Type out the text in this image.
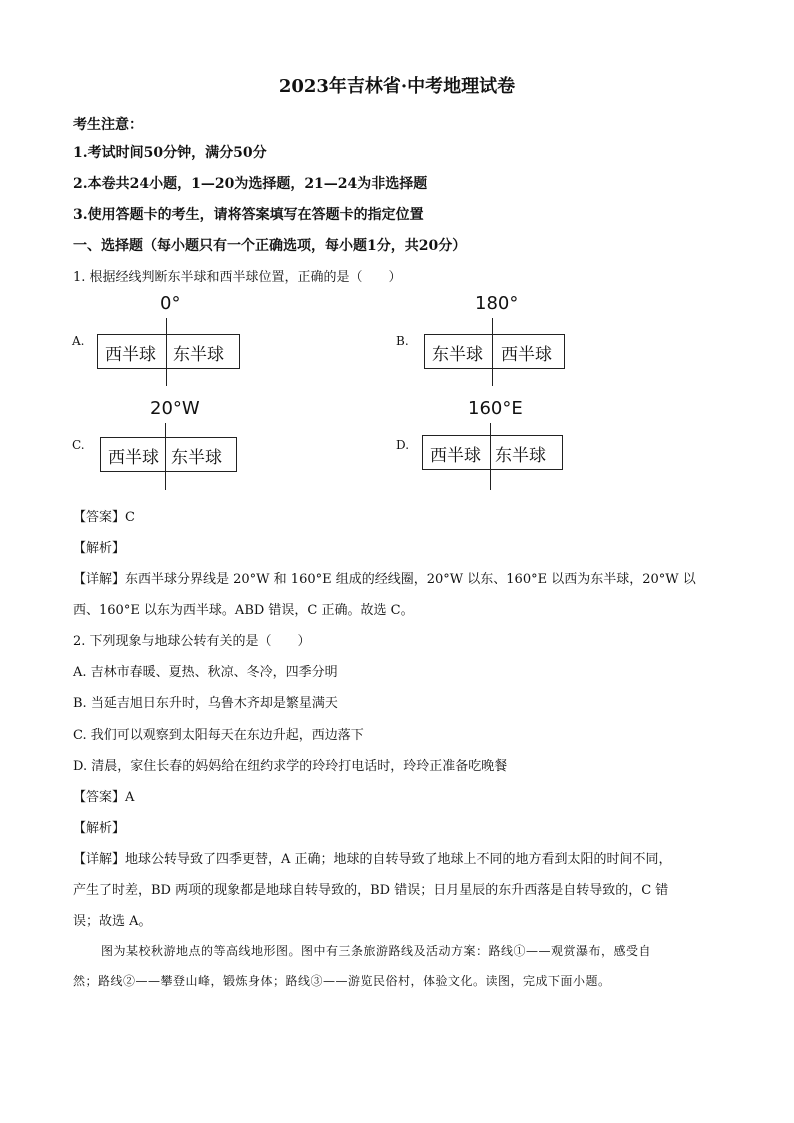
2023年吉林省·中考地理试卷
考生注意：
1.考试时间50分钟，满分50分
2.本卷共24小题，1—20为选择题，21—24为非选择题
3.使用答题卡的考生，请将答案填写在答题卡的指定位置
一、选择题（每小题只有一个正确选项，每小题1分，共20分）
1. 根据经线判断东半球和西半球位置，正确的是（　　）
A.
0°
西半球 东半球
B.
180°
东半球 西半球
C.
20°W
西半球 东半球
D.
160°E
西半球 东半球
【答案】C
【解析】
【详解】东西半球分界线是 20°W 和 160°E 组成的经线圈，20°W 以东、160°E 以西为东半球，20°W 以
西、160°E 以东为西半球。ABD 错误，C 正确。故选 C。
2. 下列现象与地球公转有关的是（　　）
A. 吉林市春暖、夏热、秋凉、冬冷，四季分明
B. 当延吉旭日东升时，乌鲁木齐却是繁星满天
C. 我们可以观察到太阳每天在东边升起，西边落下
D. 清晨，家住长春的妈妈给在纽约求学的玲玲打电话时，玲玲正准备吃晚餐
【答案】A
【解析】
【详解】地球公转导致了四季更替，A 正确；地球的自转导致了地球上不同的地方看到太阳的时间不同，
产生了时差，BD 两项的现象都是地球自转导致的，BD 错误；日月星辰的东升西落是自转导致的，C 错
误；故选 A。
图为某校秋游地点的等高线地形图。图中有三条旅游路线及活动方案：路线①——观赏瀑布，感受自
然；路线②——攀登山峰，锻炼身体；路线③——游览民俗村，体验文化。读图，完成下面小题。
